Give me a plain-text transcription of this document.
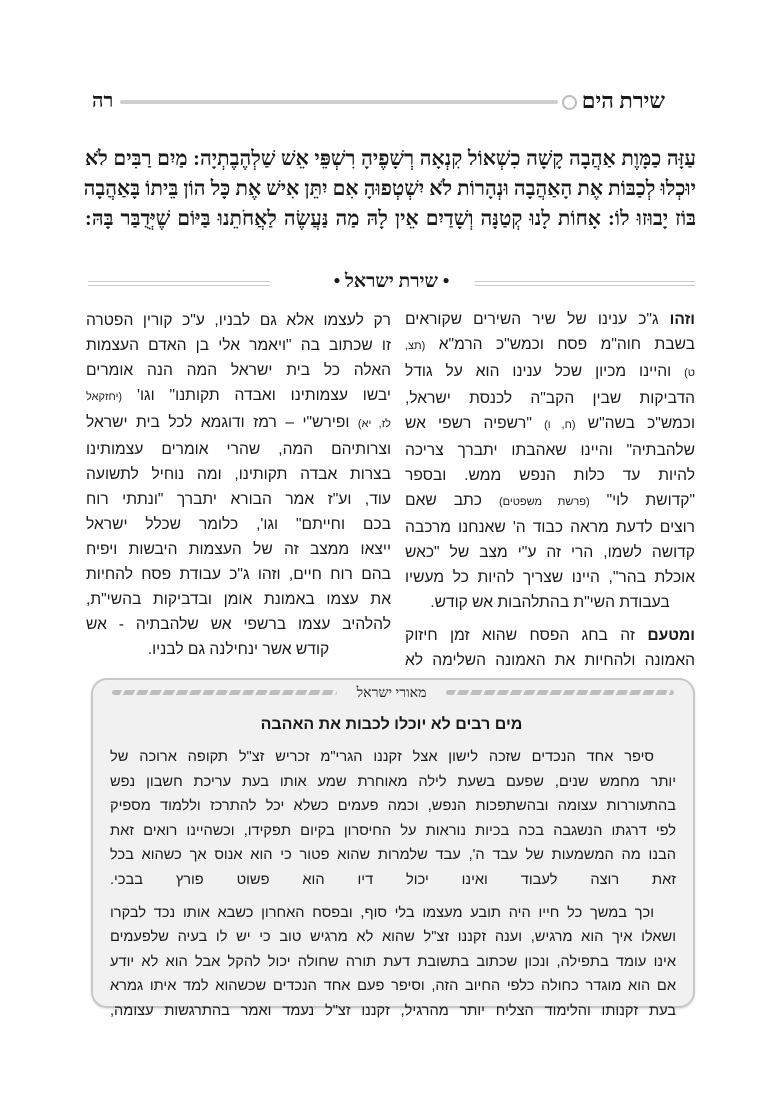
שירת הים
רה
עַזָּה כַמָּוֶת אַהֲבָה קָשָׁה כִשְׁאוֹל קִנְאָה רְשָׁפֶיהָ רִשְׁפֵּי אֵשׁ שַׁלְהֶבֶתְיָה: מַיִם רַבִּים לֹא
יוּכְלוּ לְכַבּוֹת אֶת הָאַהֲבָה וּנְהָרוֹת לֹא יִשְׁטְפוּהָ אִם יִתֵּן אִישׁ אֶת כָּל הוֹן בֵּיתוֹ בָּאַהֲבָה
בּוֹז יָבוּזוּ לוֹ: אָחוֹת לָנוּ קְטַנָּה וְשָׁדַיִם אֵין לָהּ מַה נַּעֲשֶׂה לַאֲחֹתֵנוּ בַּיּוֹם שֶׁיְּדֻבַּר בָּהּ:
• שירת ישראל •
וזהו ג"כ ענינו של שיר השירים שקוראים
בשבת חוה"מ פסח וכמש"כ הרמ"א (תצ,
ט) והיינו מכיון שכל ענינו הוא על גודל
הדביקות שבין הקב"ה לכנסת ישראל,
וכמש"כ בשה"ש (ח, ו) "רשפיה רשפי אש
שלהבתיה" והיינו שאהבתו יתברך צריכה
להיות עד כלות הנפש ממש. ובספר
"קדושת לוי" (פרשת משפטים) כתב שאם
רוצים לדעת מראה כבוד ה' שאנחנו מרכבה
קדושה לשמו, הרי זה ע"י מצב של "כאש
אוכלת בהר", היינו שצריך להיות כל מעשיו
בעבודת השי"ת בהתלהבות אש קודש.
ומטעם זה בחג הפסח שהוא זמן חיזוק
האמונה ולהחיות את האמונה השלימה לא
רק לעצמו אלא גם לבניו, ע"כ קורין הפטרה
זו שכתוב בה "ויאמר אלי בן האדם העצמות
האלה כל בית ישראל המה הנה אומרים
יבשו עצמותינו ואבדה תקותנו" וגו' (יחזקאל
לז, יא) ופירש"י – רמז ודוגמא לכל בית ישראל
וצרותיהם המה, שהרי אומרים עצמותינו
בצרות אבדה תקותינו, ומה נוחיל לתשועה
עוד, וע"ז אמר הבורא יתברך "ונתתי רוח
בכם וחייתם" וגו', כלומר שכלל ישראל
ייצאו ממצב זה של העצמות היבשות ויפיח
בהם רוח חיים, וזהו ג"כ עבודת פסח להחיות
את עצמו באמונת אומן ובדביקות בהשי"ת,
להלהיב עצמו ברשפי אש שלהבתיה - אש
קודש אשר ינחילנה גם לבניו.
מאורי ישראל
מים רבים לא יוכלו לכבות את האהבה
סיפר אחד הנכדים שזכה לישון אצל זקננו הגרי"מ זכריש זצ"ל תקופה ארוכה של
יותר מחמש שנים, שפעם בשעת לילה מאוחרת שמע אותו בעת עריכת חשבון נפש
בהתעוררות עצומה ובהשתפכות הנפש, וכמה פעמים כשלא יכל להתרכז וללמוד מספיק
לפי דרגתו הנשגבה בכה בכיות נוראות על החיסרון בקיום תפקידו, וכשהיינו רואים זאת
הבנו מה המשמעות של עבד ה', עבד שלמרות שהוא פטור כי הוא אנוס אך כשהוא בכל
זאת רוצה לעבוד ואינו יכול דיו הוא פשוט פורץ בבכי.
וכך במשך כל חייו היה תובע מעצמו בלי סוף, ובפסח האחרון כשבא אותו נכד לבקרו
ושאלו איך הוא מרגיש, וענה זקננו זצ"ל שהוא לא מרגיש טוב כי יש לו בעיה שלפעמים
אינו עומד בתפילה, ונכון שכתוב בתשובת דעת תורה שחולה יכול להקל אבל הוא לא יודע
אם הוא מוגדר כחולה כלפי החיוב הזה, וסיפר פעם אחד הנכדים שכשהוא למד איתו גמרא
בעת זקנותו והלימוד הצליח יותר מהרגיל, זקננו זצ"ל נעמד ואמר בהתרגשות עצומה,
